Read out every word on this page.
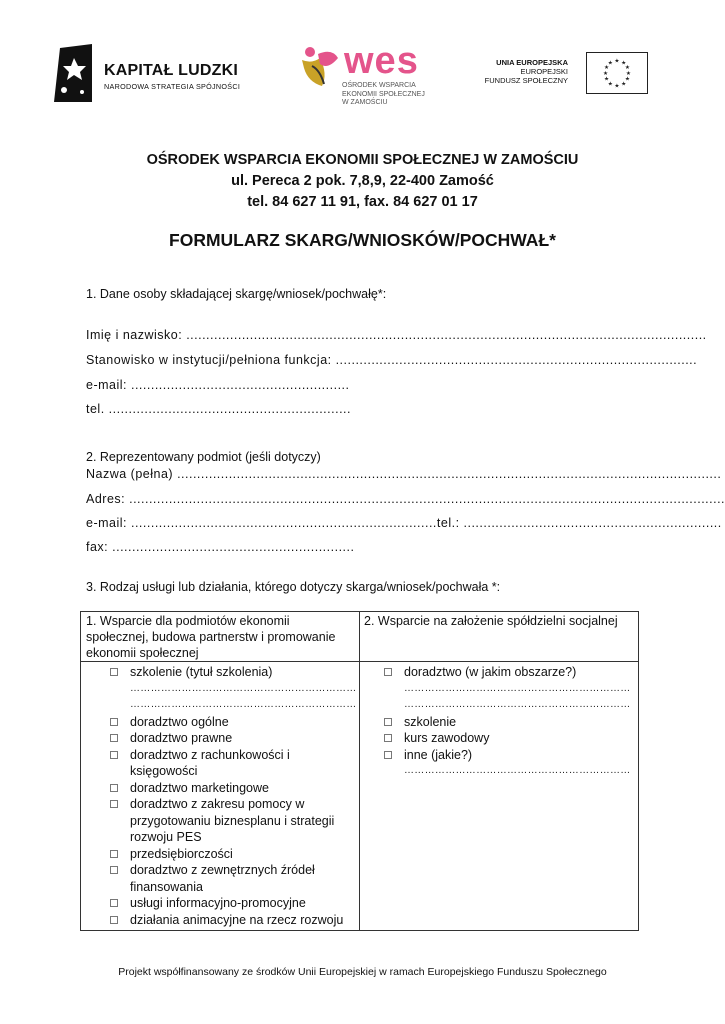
KAPITAŁ LUDZKI
NARODOWA STRATEGIA SPÓJNOŚCI
wes
OŚRODEK WSPARCIA
EKONOMII SPOŁECZNEJ
W ZAMOŚCIU
UNIA EUROPEJSKA
EUROPEJSKI
FUNDUSZ SPOŁECZNY
★ ★
★
★
★
★
★
★
★
★
★
★
OŚRODEK WSPARCIA EKONOMII SPOŁECZNEJ W ZAMOŚCIU
ul. Pereca 2 pok. 7,8,9, 22-400 Zamość
tel. 84 627 11 91, fax. 84 627 01 17
FORMULARZ SKARG/WNIOSKÓW/POCHWAŁ*
1. Dane osoby składającej skargę/wniosek/pochwałę*:
Imię i nazwisko: ...................................................................................................................................
Stanowisko w instytucji/pełniona funkcja: ...........................................................................................
e-mail: .......................................................
tel. .............................................................
2. Reprezentowany podmiot (jeśli dotyczy)
Nazwa (pełna) .........................................................................................................................................
Adres: ......................................................................................................................................................
e-mail: .............................................................................tel.: .................................................................
fax: .............................................................
3. Rodzaj usługi lub działania, którego dotyczy skarga/wniosek/pochwała *:
1. Wsparcie dla podmiotów ekonomii
społecznej, budowa partnerstw i promowanie
ekonomii społecznej
2. Wsparcie na założenie spółdzielni socjalnej
szkolenie (tytuł szkolenia)
…………………………………………………………
…………………………………………………………
doradztwo ogólne
doradztwo prawne
doradztwo z rachunkowości i
księgowości
doradztwo marketingowe
doradztwo z zakresu pomocy w
przygotowaniu biznesplanu i strategii
rozwoju PES
przedsiębiorczości
doradztwo z zewnętrznych źródeł
finansowania
usługi informacyjno-promocyjne
działania animacyjne na rzecz rozwoju
doradztwo (w jakim obszarze?)
…………………………………………………………
…………………………………………………………
szkolenie
kurs zawodowy
inne (jakie?)
…………………………………………………………
Projekt współfinansowany ze środków Unii Europejskiej w ramach Europejskiego Funduszu Społecznego
